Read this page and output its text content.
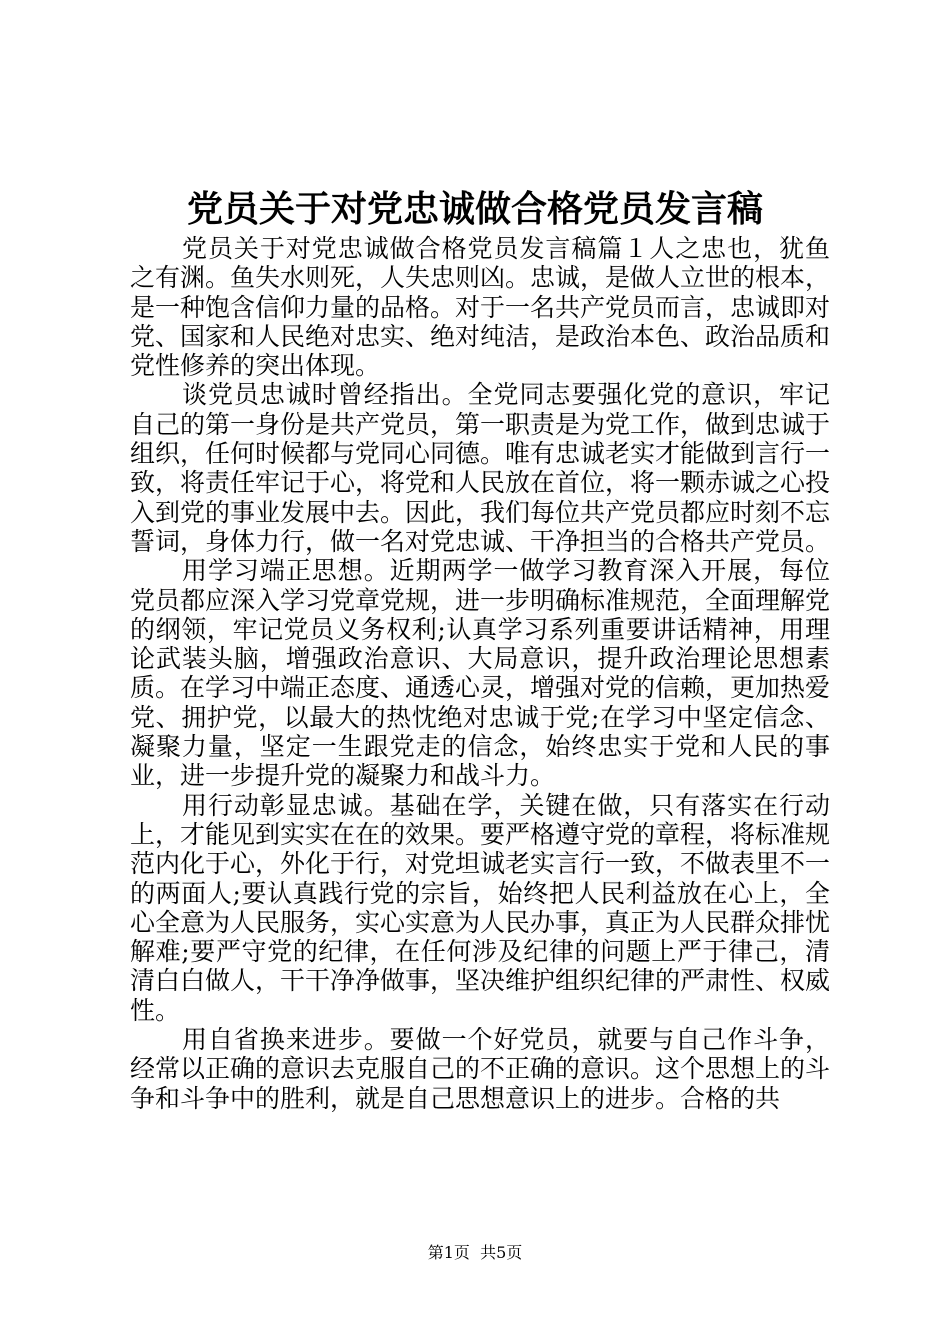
党员关于对党忠诚做合格党员发言稿

党员关于对党忠诚做合格党员发言稿篇１人之忠也，犹鱼之有渊。鱼失水则死，人失忠则凶。忠诚，是做人立世的根本，是一种饱含信仰力量的品格。对于一名共产党员而言，忠诚即对党、国家和人民绝对忠实、绝对纯洁，是政治本色、政治品质和党性修养的突出体现。

谈党员忠诚时曾经指出。全党同志要强化党的意识，牢记自己的第一身份是共产党员，第一职责是为党工作，做到忠诚于组织，任何时候都与党同心同德。唯有忠诚老实才能做到言行一致，将责任牢记于心，将党和人民放在首位，将一颗赤诚之心投入到党的事业发展中去。因此，我们每位共产党员都应时刻不忘誓词，身体力行，做一名对党忠诚、干净担当的合格共产党员。

用学习端正思想。近期两学一做学习教育深入开展，每位党员都应深入学习党章党规，进一步明确标准规范，全面理解党的纲领，牢记党员义务权利;认真学习系列重要讲话精神，用理论武装头脑，增强政治意识、大局意识，提升政治理论思想素质。在学习中端正态度、通透心灵，增强对党的信赖，更加热爱党、拥护党，以最大的热忱绝对忠诚于党;在学习中坚定信念、凝聚力量，坚定一生跟党走的信念，始终忠实于党和人民的事业，进一步提升党的凝聚力和战斗力。

用行动彰显忠诚。基础在学，关键在做，只有落实在行动上，才能见到实实在在的效果。要严格遵守党的章程，将标准规范内化于心，外化于行，对党坦诚老实言行一致，不做表里不一的两面人;要认真践行党的宗旨，始终把人民利益放在心上，全心全意为人民服务，实心实意为人民办事，真正为人民群众排忧解难;要严守党的纪律，在任何涉及纪律的问题上严于律己，清清白白做人，干干净净做事，坚决维护组织纪律的严肃性、权威性。

用自省换来进步。要做一个好党员，就要与自己作斗争，经常以正确的意识去克服自己的不正确的意识。这个思想上的斗争和斗争中的胜利，就是自己思想意识上的进步。合格的共

第1页  共5页
